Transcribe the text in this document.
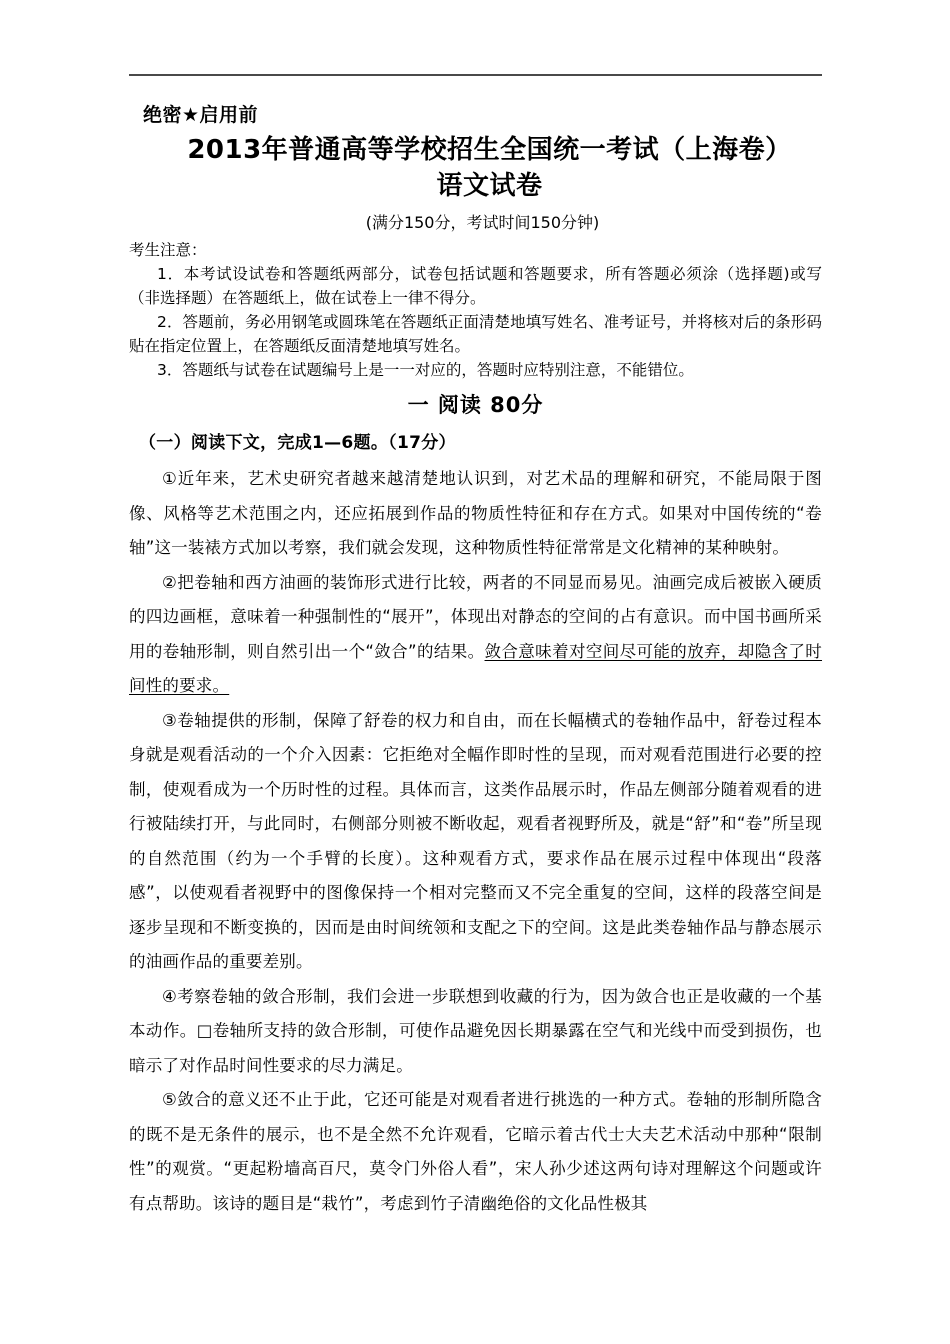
绝密★启用前

2013年普通高等学校招生全国统一考试（上海卷）
语文试卷

(满分150分，考试时间150分钟)

考生注意：

1．本考试设试卷和答题纸两部分，试卷包括试题和答题要求，所有答题必须涂（选择题)或写（非选择题）在答题纸上，做在试卷上一律不得分。

2．答题前，务必用钢笔或圆珠笔在答题纸正面清楚地填写姓名、准考证号，并将核对后的条形码贴在指定位置上，在答题纸反面清楚地填写姓名。

3．答题纸与试卷在试题编号上是一一对应的，答题时应特别注意，不能错位。

一 阅读 80分
（一）阅读下文，完成1—6题。（17分）

①近年来，艺术史研究者越来越清楚地认识到，对艺术品的理解和研究，不能局限于图像、风格等艺术范围之内，还应拓展到作品的物质性特征和存在方式。如果对中国传统的“卷轴”这一装裱方式加以考察，我们就会发现，这种物质性特征常常是文化精神的某种映射。

②把卷轴和西方油画的装饰形式进行比较，两者的不同显而易见。油画完成后被嵌入硬质的四边画框，意味着一种强制性的“展开”，体现出对静态的空间的占有意识。而中国书画所采用的卷轴形制，则自然引出一个“敛合”的结果。敛合意味着对空间尽可能的放弃，却隐含了时间性的要求。

③卷轴提供的形制，保障了舒卷的权力和自由，而在长幅横式的卷轴作品中，舒卷过程本身就是观看活动的一个介入因素：它拒绝对全幅作即时性的呈现，而对观看范围进行必要的控制，使观看成为一个历时性的过程。具体而言，这类作品展示时，作品左侧部分随着观看的进行被陆续打开，与此同时，右侧部分则被不断收起，观看者视野所及，就是“舒”和“卷”所呈现的自然范围（约为一个手臂的长度）。这种观看方式，要求作品在展示过程中体现出“段落感”，以使观看者视野中的图像保持一个相对完整而又不完全重复的空间，这样的段落空间是逐步呈现和不断变换的，因而是由时间统领和支配之下的空间。这是此类卷轴作品与静态展示的油画作品的重要差别。

④考察卷轴的敛合形制，我们会进一步联想到收藏的行为，因为敛合也正是收藏的一个基本动作。□卷轴所支持的敛合形制，可使作品避免因长期暴露在空气和光线中而受到损伤，也暗示了对作品时间性要求的尽力满足。

⑤敛合的意义还不止于此，它还可能是对观看者进行挑选的一种方式。卷轴的形制所隐含的既不是无条件的展示，也不是全然不允许观看，它暗示着古代士大夫艺术活动中那种“限制性”的观赏。“更起粉墙高百尺，莫令门外俗人看”，宋人孙少述这两句诗对理解这个问题或许有点帮助。该诗的题目是“栽竹”，考虑到竹子清幽绝俗的文化品性极其
